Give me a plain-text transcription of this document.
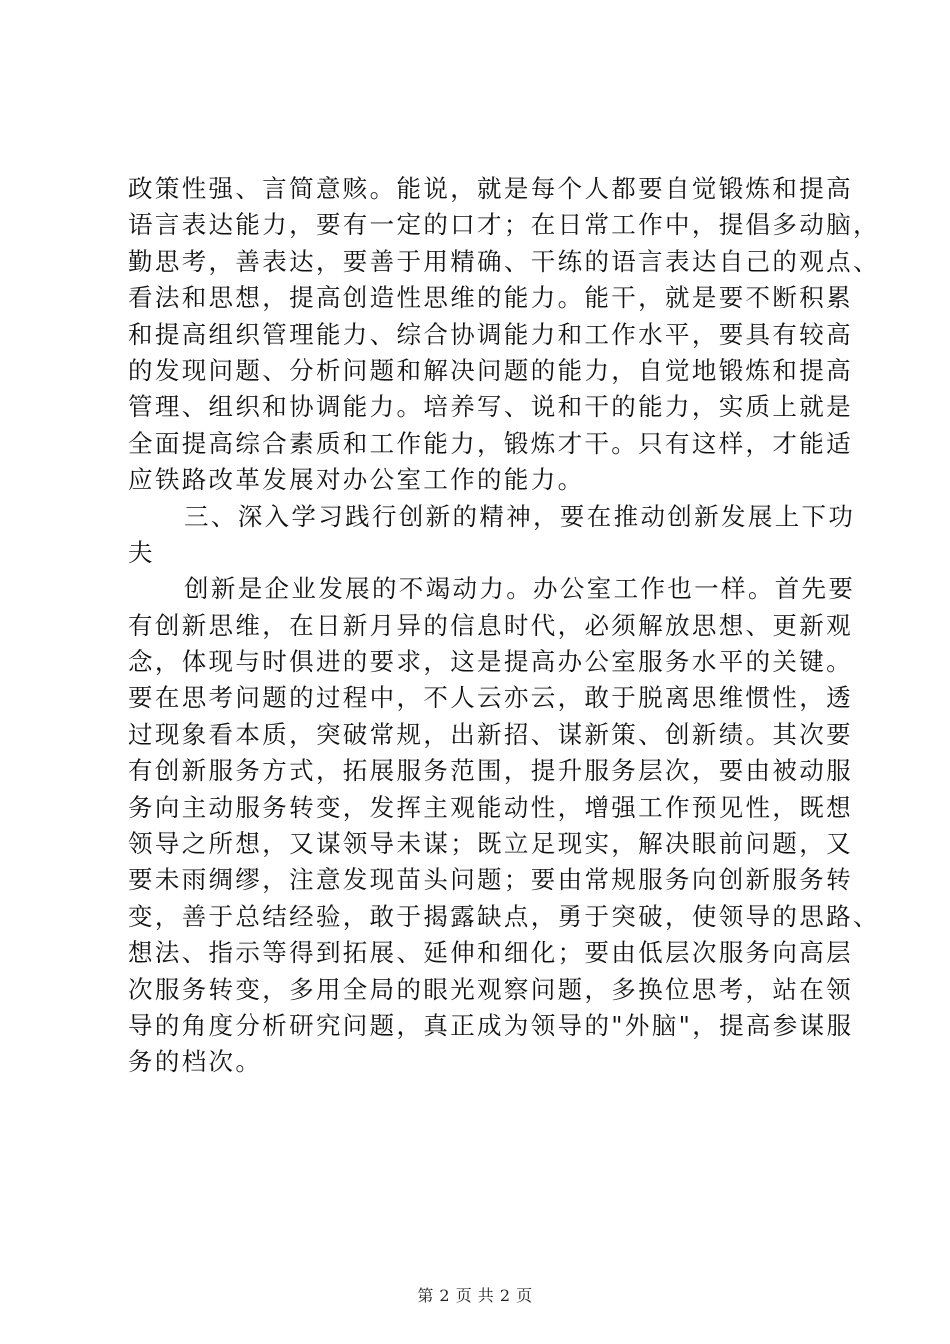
政策性强、言简意赅。能说，就是每个人都要自觉锻炼和提高
语言表达能力，要有一定的口才；在日常工作中，提倡多动脑，
勤思考，善表达，要善于用精确、干练的语言表达自己的观点、
看法和思想，提高创造性思维的能力。能干，就是要不断积累
和提高组织管理能力、综合协调能力和工作水平，要具有较高
的发现问题、分析问题和解决问题的能力，自觉地锻炼和提高
管理、组织和协调能力。培养写、说和干的能力，实质上就是
全面提高综合素质和工作能力，锻炼才干。只有这样，才能适
应铁路改革发展对办公室工作的能力。
三、深入学习践行创新的精神，要在推动创新发展上下功
夫
创新是企业发展的不竭动力。办公室工作也一样。首先要
有创新思维，在日新月异的信息时代，必须解放思想、更新观
念，体现与时俱进的要求，这是提高办公室服务水平的关键。
要在思考问题的过程中，不人云亦云，敢于脱离思维惯性，透
过现象看本质，突破常规，出新招、谋新策、创新绩。其次要
有创新服务方式，拓展服务范围，提升服务层次，要由被动服
务向主动服务转变，发挥主观能动性，增强工作预见性，既想
领导之所想，又谋领导未谋；既立足现实，解决眼前问题，又
要未雨绸缪，注意发现苗头问题；要由常规服务向创新服务转
变，善于总结经验，敢于揭露缺点，勇于突破，使领导的思路、
想法、指示等得到拓展、延伸和细化；要由低层次服务向高层
次服务转变，多用全局的眼光观察问题，多换位思考，站在领
导的角度分析研究问题，真正成为领导的"外脑"，提高参谋服
务的档次。
第 2 页 共 2 页
